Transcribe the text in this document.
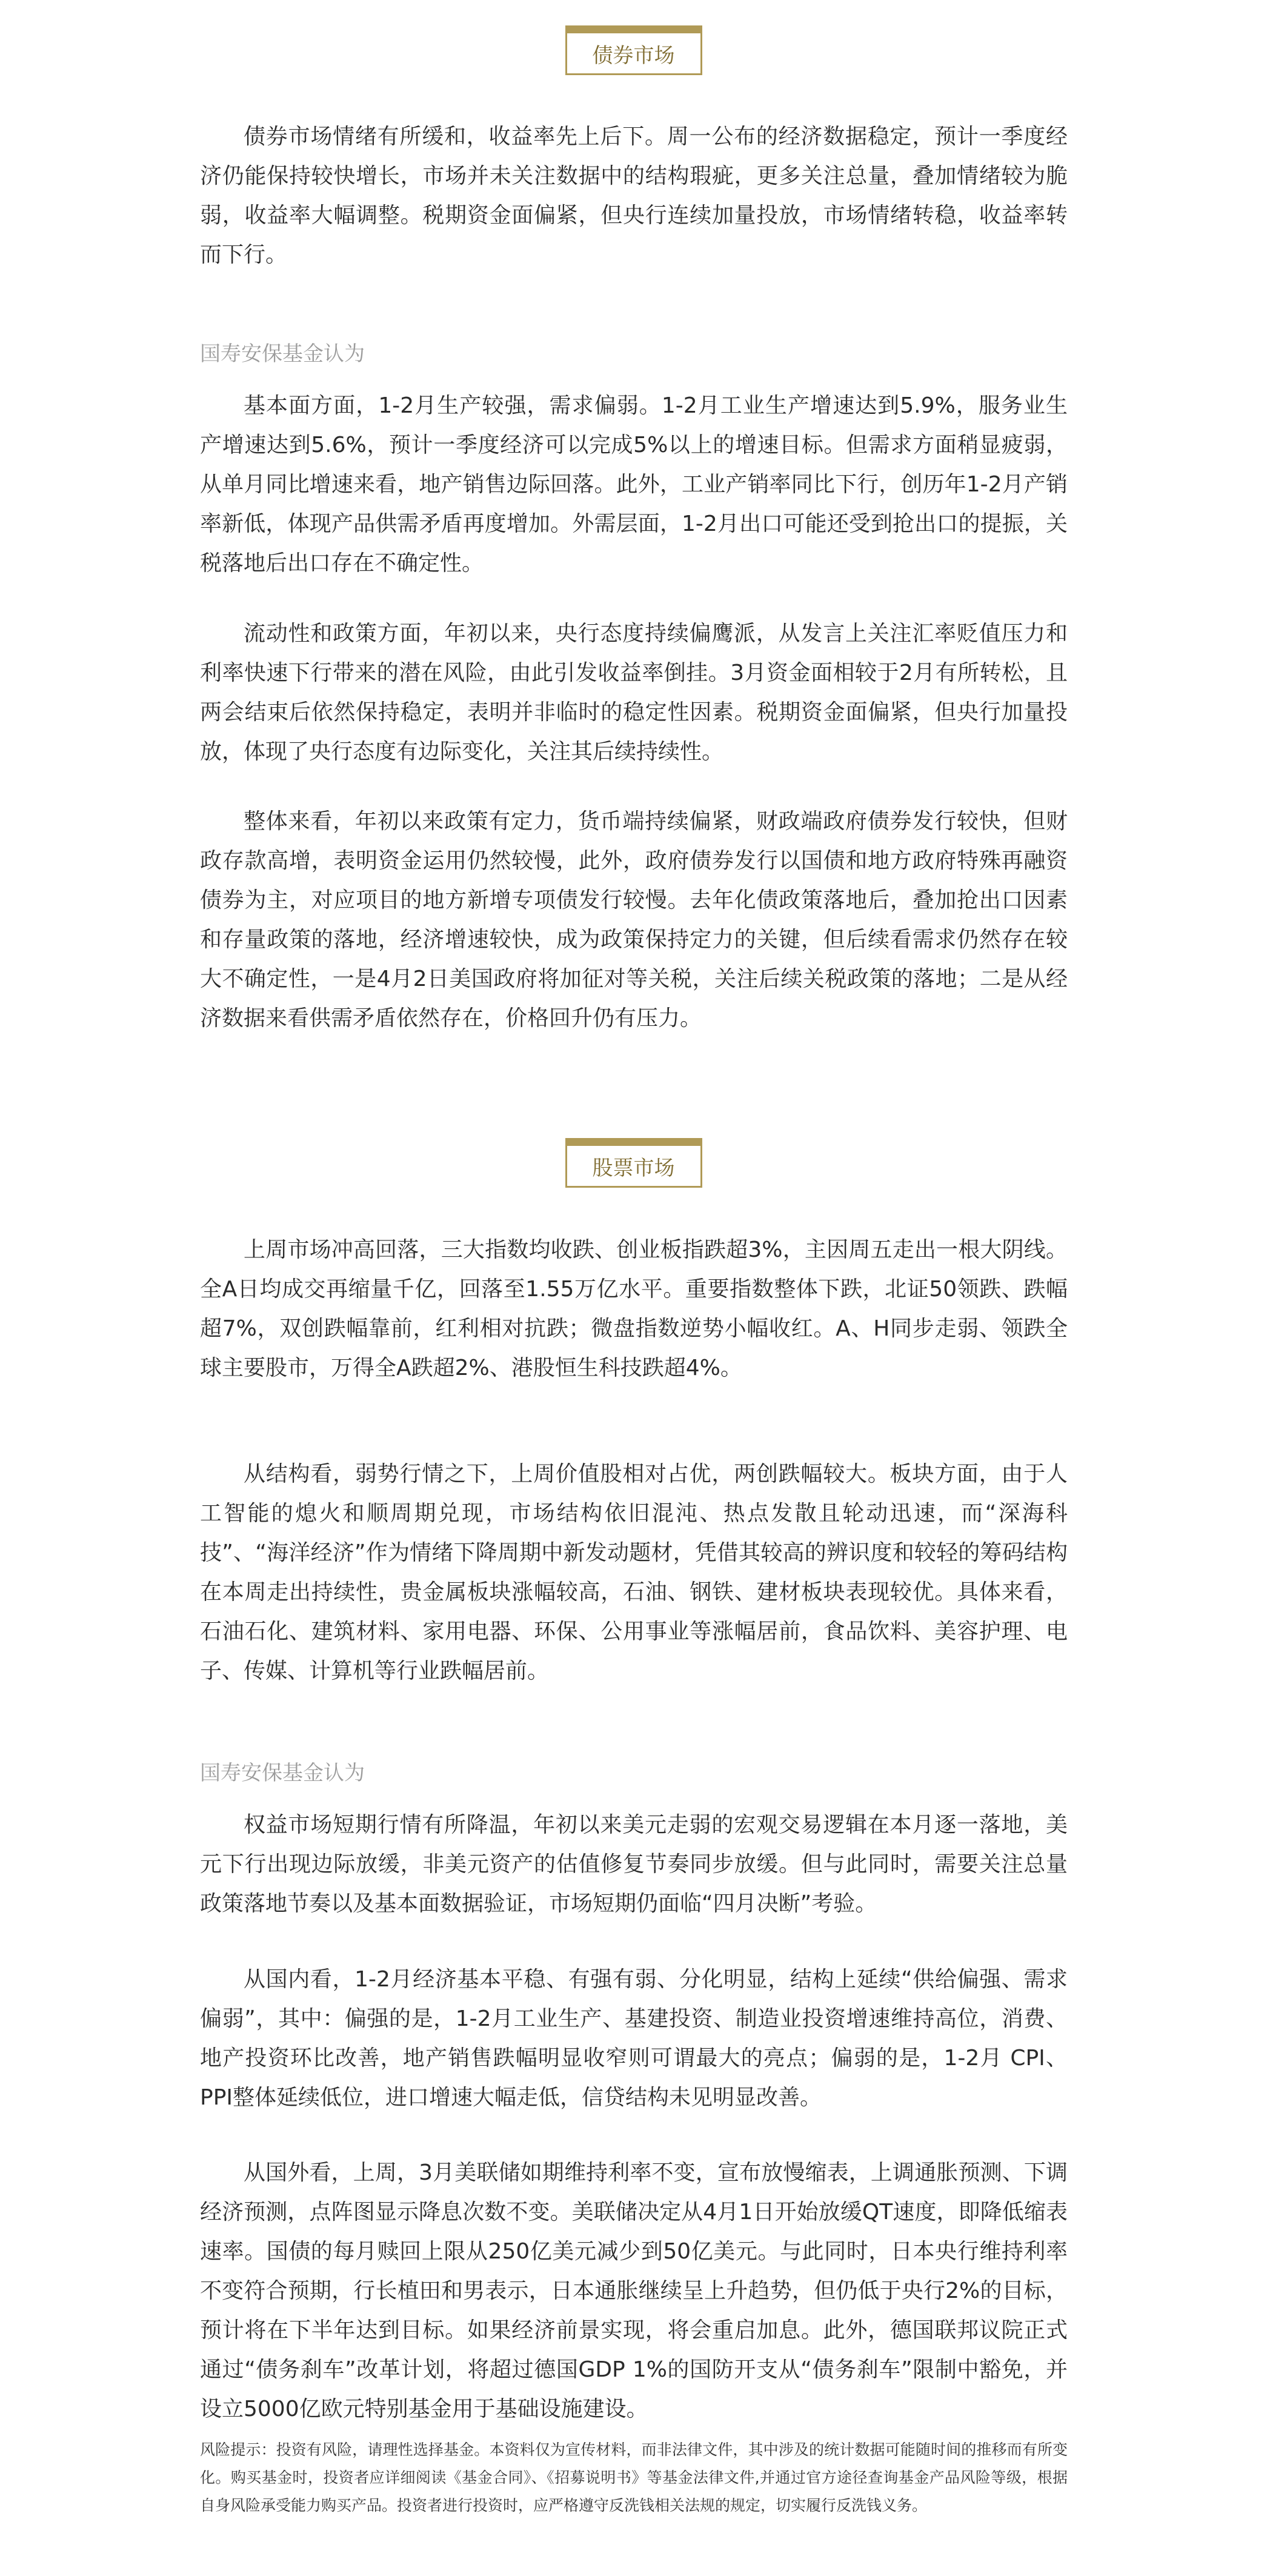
债券市场

债券市场情绪有所缓和，收益率先上后下。周一公布的经济数据稳定，预计一季度经济仍能保持较快增长，市场并未关注数据中的结构瑕疵，更多关注总量，叠加情绪较为脆弱，收益率大幅调整。税期资金面偏紧，但央行连续加量投放，市场情绪转稳，收益率转而下行。

国寿安保基金认为

基本面方面，1-2月生产较强，需求偏弱。1-2月工业生产增速达到5.9%，服务业生产增速达到5.6%，预计一季度经济可以完成5%以上的增速目标。但需求方面稍显疲弱，从单月同比增速来看，地产销售边际回落。此外，工业产销率同比下行，创历年1-2月产销率新低，体现产品供需矛盾再度增加。外需层面，1-2月出口可能还受到抢出口的提振，关税落地后出口存在不确定性。

流动性和政策方面，年初以来，央行态度持续偏鹰派，从发言上关注汇率贬值压力和利率快速下行带来的潜在风险，由此引发收益率倒挂。3月资金面相较于2月有所转松，且两会结束后依然保持稳定，表明并非临时的稳定性因素。税期资金面偏紧，但央行加量投放，体现了央行态度有边际变化，关注其后续持续性。

整体来看，年初以来政策有定力，货币端持续偏紧，财政端政府债券发行较快，但财政存款高增，表明资金运用仍然较慢，此外，政府债券发行以国债和地方政府特殊再融资债券为主，对应项目的地方新增专项债发行较慢。去年化债政策落地后，叠加抢出口因素和存量政策的落地，经济增速较快，成为政策保持定力的关键，但后续看需求仍然存在较大不确定性，一是4月2日美国政府将加征对等关税，关注后续关税政策的落地；二是从经济数据来看供需矛盾依然存在，价格回升仍有压力。

股票市场

上周市场冲高回落，三大指数均收跌、创业板指跌超3%，主因周五走出一根大阴线。全A日均成交再缩量千亿，回落至1.55万亿水平。重要指数整体下跌，北证50领跌、跌幅超7%，双创跌幅靠前，红利相对抗跌；微盘指数逆势小幅收红。A、H同步走弱、领跌全球主要股市，万得全A跌超2%、港股恒生科技跌超4%。

从结构看，弱势行情之下，上周价值股相对占优，两创跌幅较大。板块方面，由于人工智能的熄火和顺周期兑现，市场结构依旧混沌、热点发散且轮动迅速，而“深海科技”、“海洋经济”作为情绪下降周期中新发动题材，凭借其较高的辨识度和较轻的筹码结构在本周走出持续性，贵金属板块涨幅较高，石油、钢铁、建材板块表现较优。具体来看，石油石化、建筑材料、家用电器、环保、公用事业等涨幅居前，食品饮料、美容护理、电子、传媒、计算机等行业跌幅居前。

国寿安保基金认为

权益市场短期行情有所降温，年初以来美元走弱的宏观交易逻辑在本月逐一落地，美元下行出现边际放缓，非美元资产的估值修复节奏同步放缓。但与此同时，需要关注总量政策落地节奏以及基本面数据验证，市场短期仍面临“四月决断”考验。

从国内看，1-2月经济基本平稳、有强有弱、分化明显，结构上延续“供给偏强、需求偏弱”，其中：偏强的是，1-2月工业生产、基建投资、制造业投资增速维持高位，消费、地产投资环比改善，地产销售跌幅明显收窄则可谓最大的亮点；偏弱的是，1-2月 CPI、PPI整体延续低位，进口增速大幅走低，信贷结构未见明显改善。

从国外看，上周，3月美联储如期维持利率不变，宣布放慢缩表，上调通胀预测、下调经济预测，点阵图显示降息次数不变。美联储决定从4月1日开始放缓QT速度，即降低缩表速率。国债的每月赎回上限从250亿美元减少到50亿美元。与此同时，日本央行维持利率不变符合预期，行长植田和男表示，日本通胀继续呈上升趋势，但仍低于央行2%的目标，预计将在下半年达到目标。如果经济前景实现，将会重启加息。此外，德国联邦议院正式通过“债务刹车”改革计划，将超过德国GDP 1%的国防开支从“债务刹车”限制中豁免，并设立5000亿欧元特别基金用于基础设施建设。

风险提示：投资有风险，请理性选择基金。本资料仅为宣传材料，而非法律文件，其中涉及的统计数据可能随时间的推移而有所变化。购买基金时，投资者应详细阅读《基金合同》、《招募说明书》等基金法律文件,并通过官方途径查询基金产品风险等级，根据自身风险承受能力购买产品。投资者进行投资时，应严格遵守反洗钱相关法规的规定，切实履行反洗钱义务。
